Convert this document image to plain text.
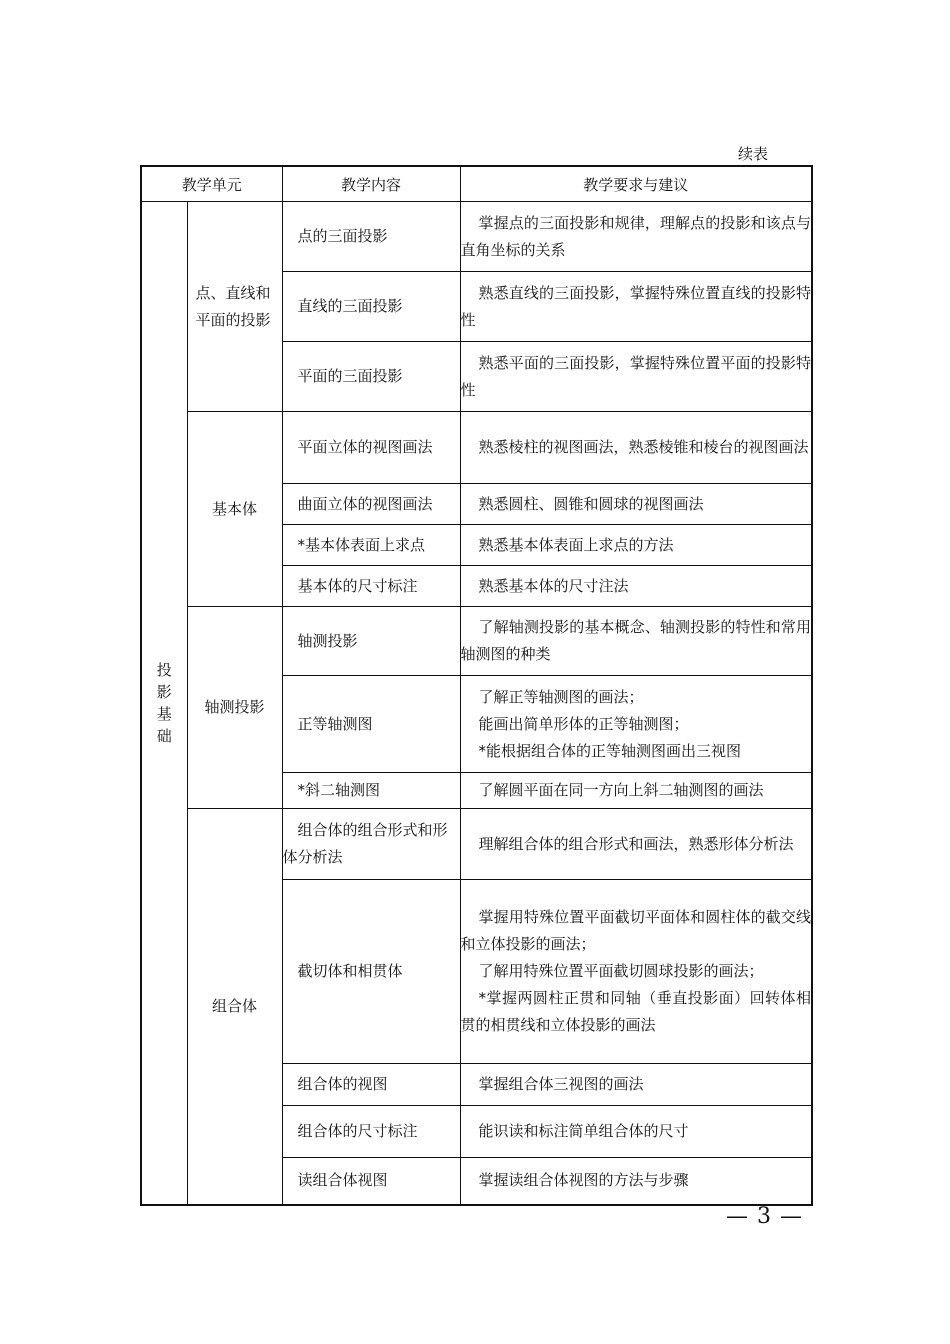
续表
教学单元		教学内容	教学要求与建议
投影基础	点、直线和平面的投影	点的三面投影	掌握点的三面投影和规律，理解点的投影和该点与直角坐标的关系

		直线的三面投影	熟悉直线的三面投影，掌握特殊位置直线的投影特性

		平面的三面投影	熟悉平面的三面投影，掌握特殊位置平面的投影特性

	基本体	平面立体的视图画法	熟悉棱柱的视图画法，熟悉棱锥和棱台的视图画法

		曲面立体的视图画法	熟悉圆柱、圆锥和圆球的视图画法

		*基本体表面上求点	熟悉基本体表面上求点的方法

		基本体的尺寸标注	熟悉基本体的尺寸注法

	轴测投影	轴测投影	了解轴测投影的基本概念、轴测投影的特性和常用轴测图的种类

		正等轴测图	了解正等轴测图的画法；
能画出简单形体的正等轴测图；
*能根据组合体的正等轴测图画出三视图

		*斜二轴测图	了解圆平面在同一方向上斜二轴测图的画法

	组合体	组合体的组合形式和形体分析法	理解组合体的组合形式和画法，熟悉形体分析法

		截切体和相贯体	掌握用特殊位置平面截切平面体和圆柱体的截交线和立体投影的画法；
了解用特殊位置平面截切圆球投影的画法；
*掌握两圆柱正贯和同轴（垂直投影面）回转体相贯的相贯线和立体投影的画法

		组合体的视图	掌握组合体三视图的画法

		组合体的尺寸标注	能识读和标注简单组合体的尺寸

		读组合体视图	掌握读组合体视图的方法与步骤
— 3 —
